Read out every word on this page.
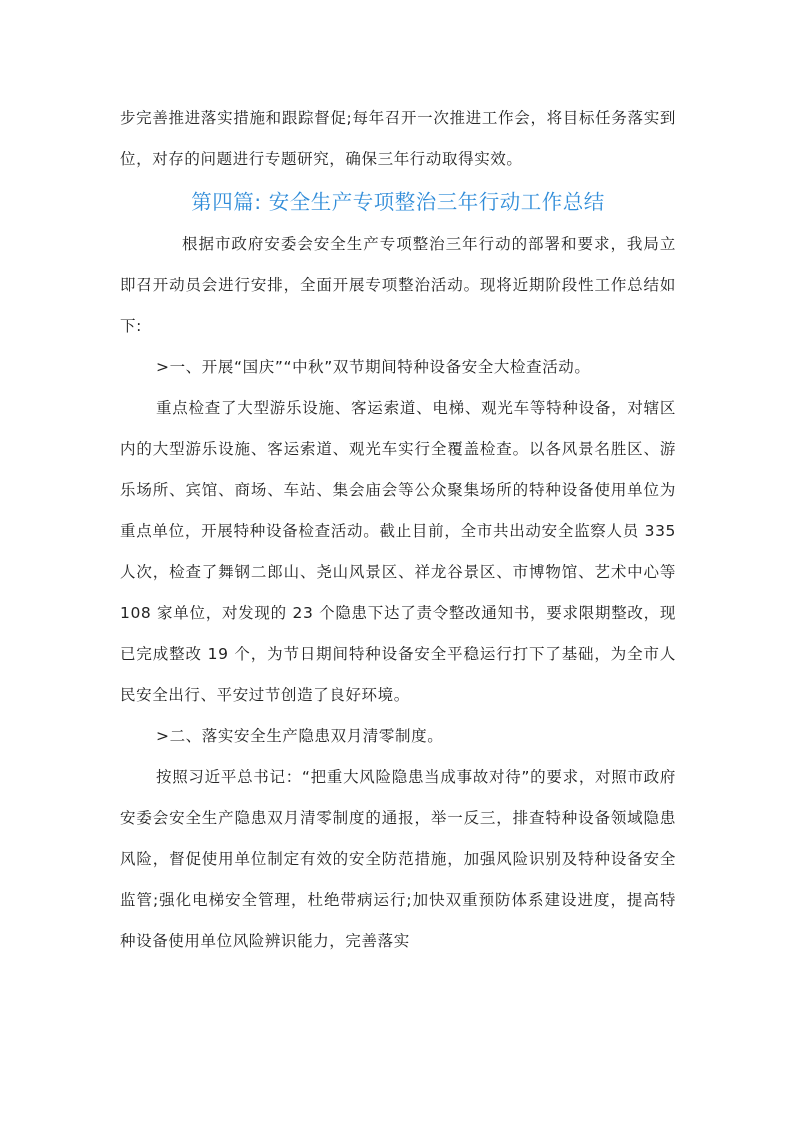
步完善推进落实措施和跟踪督促;每年召开一次推进工作会，将目标任务落实到位，对存的问题进行专题研究，确保三年行动取得实效。

第四篇: 安全生产专项整治三年行动工作总结

根据市政府安委会安全生产专项整治三年行动的部署和要求，我局立即召开动员会进行安排，全面开展专项整治活动。现将近期阶段性工作总结如下:

>一、开展“国庆”“中秋”双节期间特种设备安全大检查活动。

重点检查了大型游乐设施、客运索道、电梯、观光车等特种设备，对辖区内的大型游乐设施、客运索道、观光车实行全覆盖检查。以各风景名胜区、游乐场所、宾馆、商场、车站、集会庙会等公众聚集场所的特种设备使用单位为重点单位，开展特种设备检查活动。截止目前，全市共出动安全监察人员 335 人次，检查了舞钢二郎山、尧山风景区、祥龙谷景区、市博物馆、艺术中心等 108 家单位，对发现的 23 个隐患下达了责令整改通知书，要求限期整改，现已完成整改 19 个，为节日期间特种设备安全平稳运行打下了基础，为全市人民安全出行、平安过节创造了良好环境。

>二、落实安全生产隐患双月清零制度。

按照习近平总书记：“把重大风险隐患当成事故对待”的要求，对照市政府安委会安全生产隐患双月清零制度的通报，举一反三，排查特种设备领域隐患风险，督促使用单位制定有效的安全防范措施，加强风险识别及特种设备安全监管;强化电梯安全管理，杜绝带病运行;加快双重预防体系建设进度，提高特种设备使用单位风险辨识能力，完善落实
